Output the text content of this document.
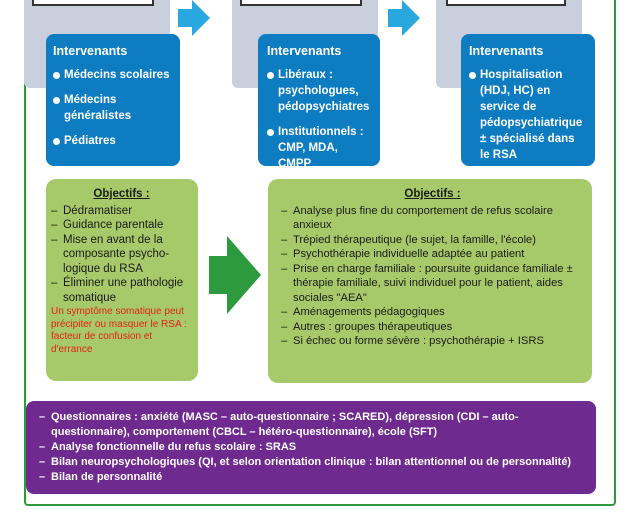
Intervenants
Médecins scolaires
Médecins généralistes
Pédiatres
Intervenants
Libéraux : psychologues, pédopsychiatres
Institutionnels : CMP, MDA, CMPP
Intervenants
Hospitalisation (HDJ, HC) en service de pédopsychiatrique ± spécialisé dans le RSA
Objectifs :
– Dédramatiser
– Guidance parentale
– Mise en avant de la composante psychologique du RSA
– Éliminer une pathologie somatique
Un symptôme somatique peut précipiter ou masquer le RSA : facteur de confusion et d'errance
Objectifs :
– Analyse plus fine du comportement de refus scolaire anxieux
– Trépied thérapeutique (le sujet, la famille, l'école)
– Psychothérapie individuelle adaptée au patient
– Prise en charge familiale : poursuite guidance familiale ± thérapie familiale, suivi individuel pour le patient, aides sociales "AEA"
– Aménagements pédagogiques
– Autres : groupes thérapeutiques
– Si échec ou forme sévère : psychothérapie + ISRS
– Questionnaires : anxiété (MASC – auto-questionnaire ; SCARED), dépression (CDI – auto-questionnaire), comportement (CBCL – hétéro-questionnaire), école (SFT)
– Analyse fonctionnelle du refus scolaire : SRAS
– Bilan neuropsychologiques (QI, et selon orientation clinique : bilan attentionnel ou de personnalité)
– Bilan de personnalité
